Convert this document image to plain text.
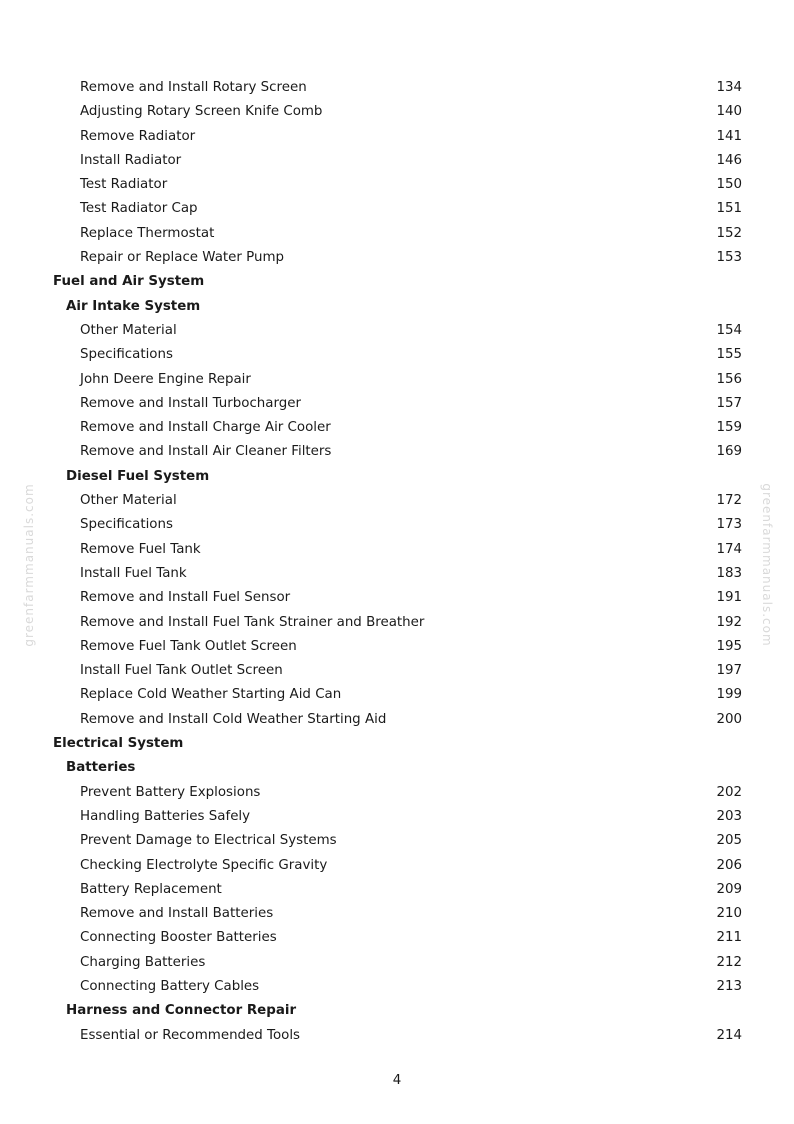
Remove and Install Rotary Screen	134
Adjusting Rotary Screen Knife Comb	140
Remove Radiator	141
Install Radiator	146
Test Radiator	150
Test Radiator Cap	151
Replace Thermostat	152
Repair or Replace Water Pump	153
Fuel and Air System
Air Intake System
Other Material	154
Specifications	155
John Deere Engine Repair	156
Remove and Install Turbocharger	157
Remove and Install Charge Air Cooler	159
Remove and Install Air Cleaner Filters	169
Diesel Fuel System
Other Material	172
Specifications	173
Remove Fuel Tank	174
Install Fuel Tank	183
Remove and Install Fuel Sensor	191
Remove and Install Fuel Tank Strainer and Breather	192
Remove Fuel Tank Outlet Screen	195
Install Fuel Tank Outlet Screen	197
Replace Cold Weather Starting Aid Can	199
Remove and Install Cold Weather Starting Aid	200
Electrical System
Batteries
Prevent Battery Explosions	202
Handling Batteries Safely	203
Prevent Damage to Electrical Systems	205
Checking Electrolyte Specific Gravity	206
Battery Replacement	209
Remove and Install Batteries	210
Connecting Booster Batteries	211
Charging Batteries	212
Connecting Battery Cables	213
Harness and Connector Repair
Essential or Recommended Tools	214
4
greenfarmmanuals.com	greenfarmmanuals.com
